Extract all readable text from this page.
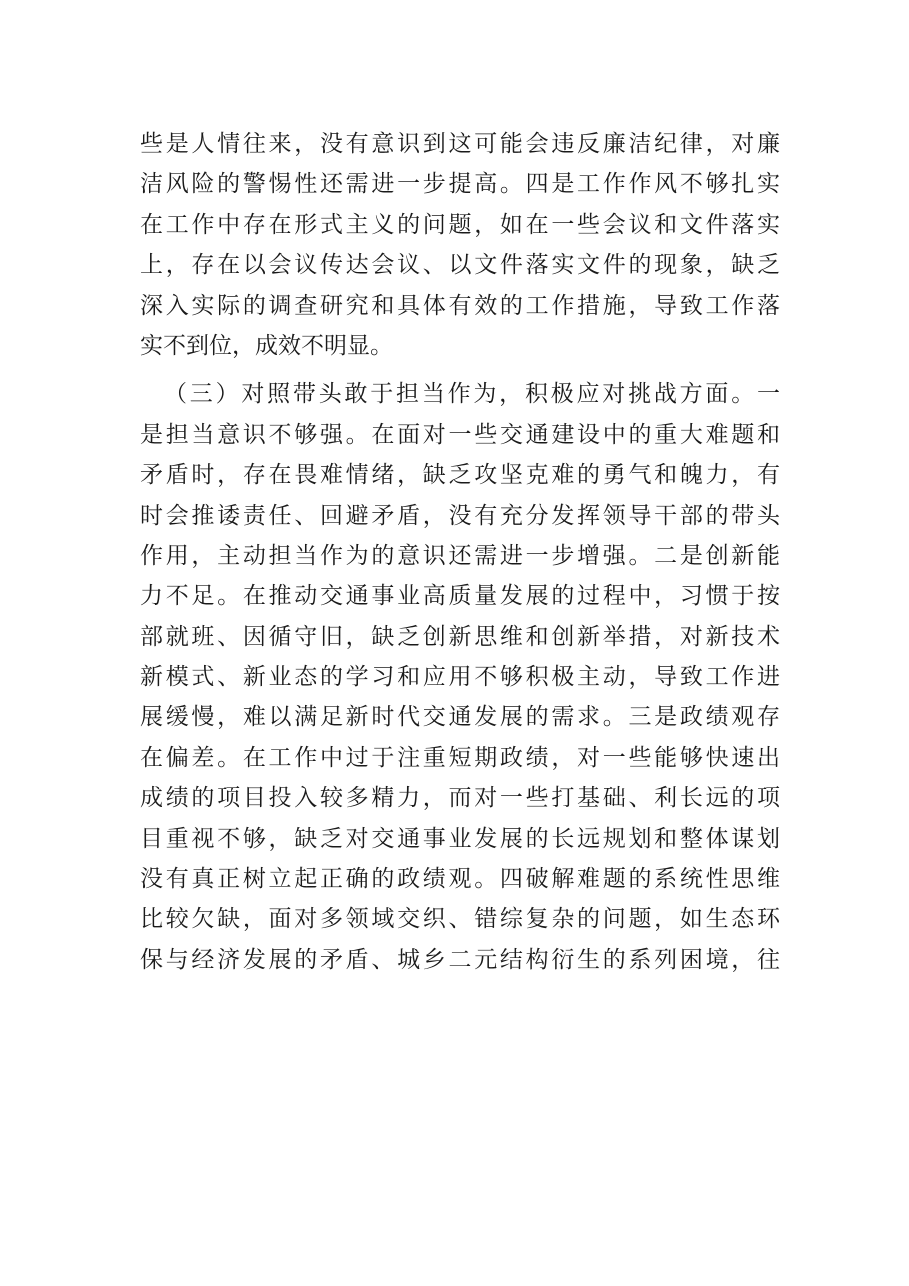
些是人情往来，没有意识到这可能会违反廉洁纪律，对廉
洁风险的警惕性还需进一步提高。四是工作作风不够扎实
在工作中存在形式主义的问题，如在一些会议和文件落实
上，存在以会议传达会议、以文件落实文件的现象，缺乏
深入实际的调查研究和具体有效的工作措施，导致工作落
实不到位，成效不明显。
（三）对照带头敢于担当作为，积极应对挑战方面。一
是担当意识不够强。在面对一些交通建设中的重大难题和
矛盾时，存在畏难情绪，缺乏攻坚克难的勇气和魄力，有
时会推诿责任、回避矛盾，没有充分发挥领导干部的带头
作用，主动担当作为的意识还需进一步增强。二是创新能
力不足。在推动交通事业高质量发展的过程中，习惯于按
部就班、因循守旧，缺乏创新思维和创新举措，对新技术
新模式、新业态的学习和应用不够积极主动，导致工作进
展缓慢，难以满足新时代交通发展的需求。三是政绩观存
在偏差。在工作中过于注重短期政绩，对一些能够快速出
成绩的项目投入较多精力，而对一些打基础、利长远的项
目重视不够，缺乏对交通事业发展的长远规划和整体谋划
没有真正树立起正确的政绩观。四破解难题的系统性思维
比较欠缺，面对多领域交织、错综复杂的问题，如生态环
保与经济发展的矛盾、城乡二元结构衍生的系列困境，往
